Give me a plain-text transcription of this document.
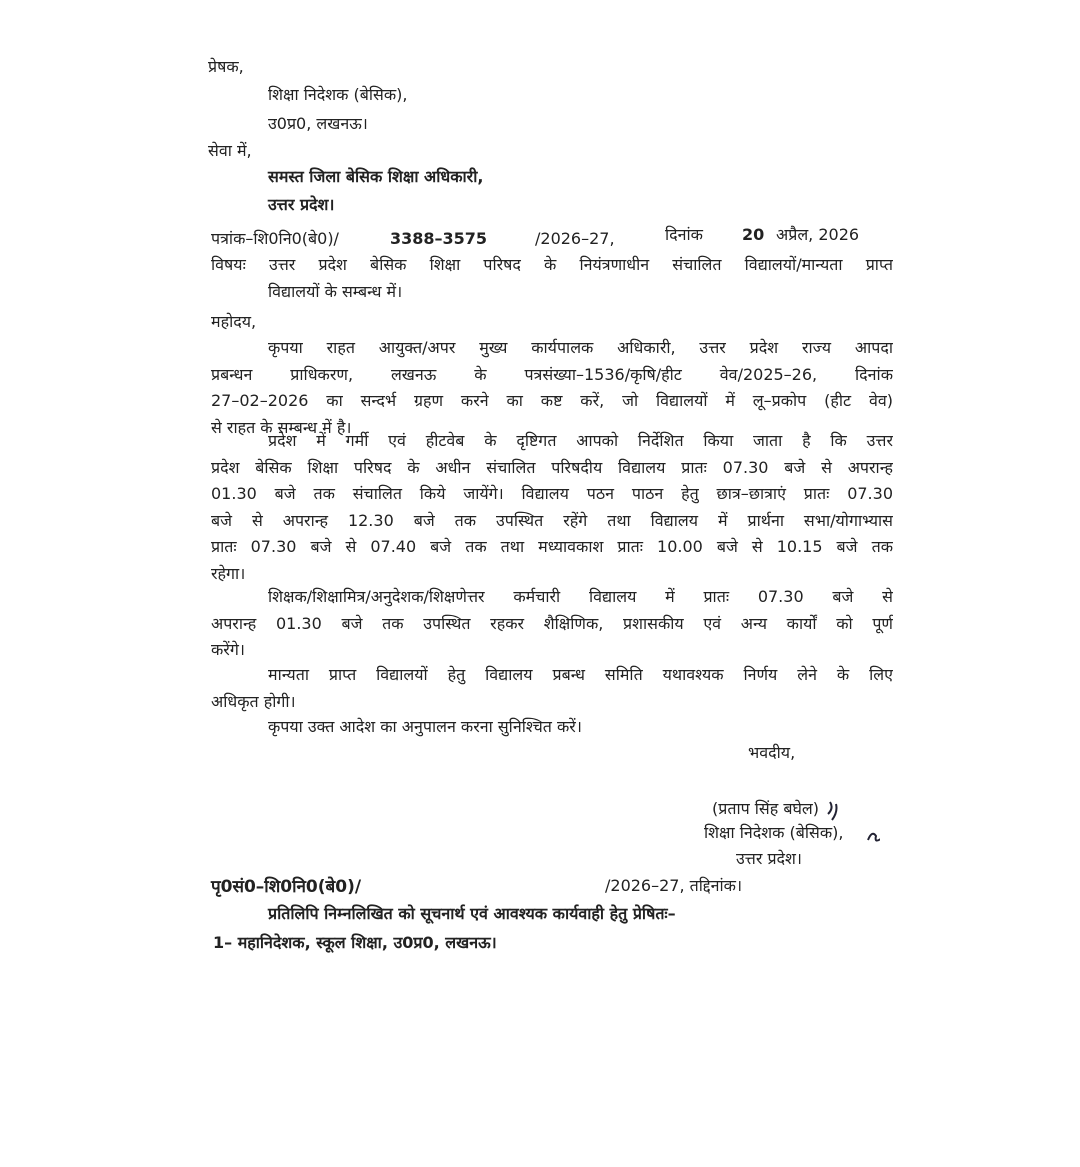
प्रेषक,
शिक्षा निदेशक (बेसिक),
उ0प्र0, लखनऊ।
सेवा में,
समस्त जिला बेसिक शिक्षा अधिकारी,
उत्तर प्रदेश।
पत्रांक–शि0नि0(बे0)/	3388–3575	/2026–27,	दिनांक 20 अप्रैल, 2026
विषयः उत्तर प्रदेश बेसिक शिक्षा परिषद के नियंत्रणाधीन संचालित विद्यालयों/मान्यता प्राप्त
विद्यालयों के सम्बन्ध में।
महोदय,
कृपया राहत आयुक्त/अपर मुख्य कार्यपालक अधिकारी, उत्तर प्रदेश राज्य आपदा
प्रबन्धन प्राधिकरण, लखनऊ के पत्रसंख्या–1536/कृषि/हीट वेव/2025–26, दिनांक
27–02–2026 का सन्दर्भ ग्रहण करने का कष्ट करें, जो विद्यालयों में लू–प्रकोप (हीट वेव)
से राहत के सम्बन्ध में है।
प्रदेश में गर्मी एवं हीटवेब के दृष्टिगत आपको निर्देशित किया जाता है कि उत्तर
प्रदेश बेसिक शिक्षा परिषद के अधीन संचालित परिषदीय विद्यालय प्रातः 07.30 बजे से अपरान्ह
01.30 बजे तक संचालित किये जायेंगे। विद्यालय पठन पाठन हेतु छात्र–छात्राएं प्रातः 07.30
बजे से अपरान्ह 12.30 बजे तक उपस्थित रहेंगे तथा विद्यालय में प्रार्थना सभा/योगाभ्यास
प्रातः 07.30 बजे से 07.40 बजे तक तथा मध्यावकाश प्रातः 10.00 बजे से 10.15 बजे तक
रहेगा।
शिक्षक/शिक्षामित्र/अनुदेशक/शिक्षणेत्तर कर्मचारी विद्यालय में प्रातः 07.30 बजे से
अपरान्ह 01.30 बजे तक उपस्थित रहकर शैक्षिणिक, प्रशासकीय एवं अन्य कार्यों को पूर्ण
करेंगे।
मान्यता प्राप्त विद्यालयों हेतु विद्यालय प्रबन्ध समिति यथावश्यक निर्णय लेने के लिए
अधिकृत होगी।
कृपया उक्त आदेश का अनुपालन करना सुनिश्चित करें।
भवदीय,
(प्रताप सिंह बघेल)
शिक्षा निदेशक (बेसिक),
उत्तर प्रदेश।
पृ0सं0–शि0नि0(बे0)/	/2026–27, तद्दिनांक।
प्रतिलिपि निम्नलिखित को सूचनार्थ एवं आवश्यक कार्यवाही हेतु प्रेषितः–
1– महानिदेशक, स्कूल शिक्षा, उ0प्र0, लखनऊ।
